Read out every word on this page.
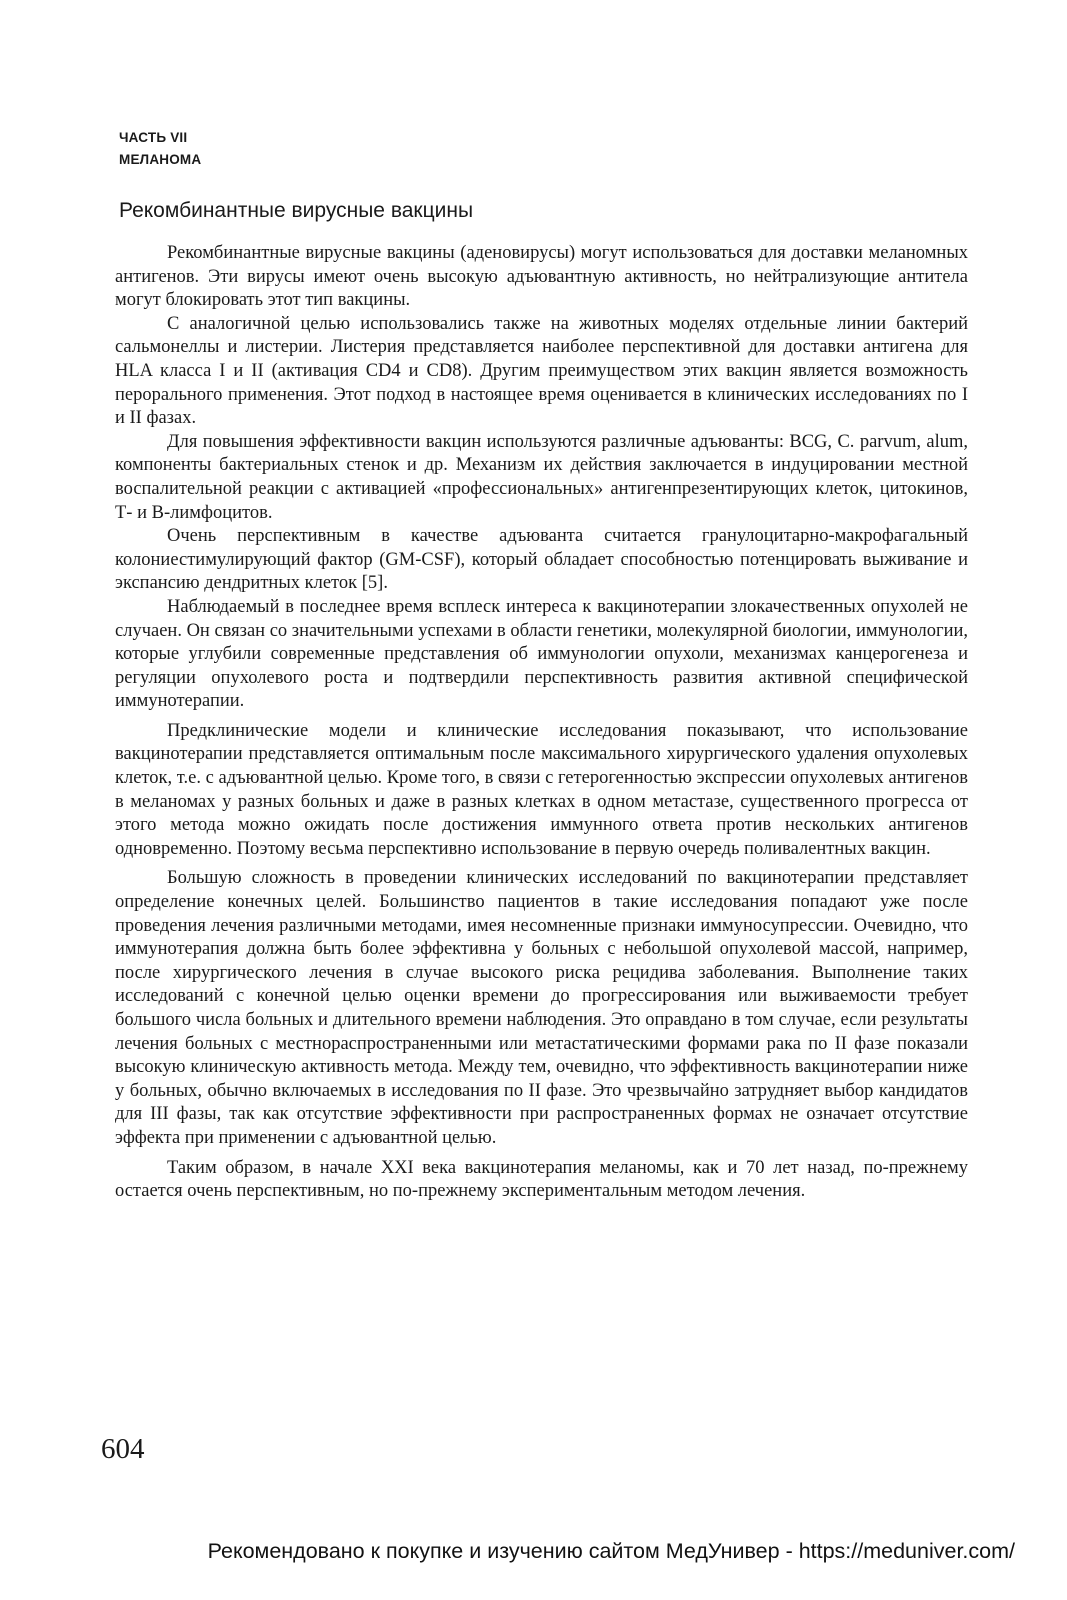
ЧАСТЬ VII
МЕЛАНОМА
Рекомбинантные вирусные вакцины

Рекомбинантные вирусные вакцины (аденовирусы) могут использоваться для доставки меланомных антигенов. Эти вирусы имеют очень высокую адъювантную активность, но нейтрализующие антитела могут блокировать этот тип вакцины.

С аналогичной целью использовались также на животных моделях отдельные линии бактерий сальмонеллы и листерии. Листерия представляется наиболее перспективной для доставки антигена для HLA класса I и II (активация CD4 и CD8). Другим преимуществом этих вакцин является возможность перорального применения. Этот подход в настоящее время оценивается в клинических исследованиях по I и II фазах.

Для повышения эффективности вакцин используются различные адъюванты: BCG, C. parvum, alum, компоненты бактериальных стенок и др. Механизм их действия заключается в индуцировании местной воспалительной реакции с активацией «профессиональных» антигенпрезентирующих клеток, цитокинов, Т- и В-лимфоцитов.

Очень перспективным в качестве адъюванта считается гранулоцитарно-макрофагальный колониестимулирующий фактор (GM-CSF), который обладает способностью потенцировать выживание и экспансию дендритных клеток [5].

Наблюдаемый в последнее время всплеск интереса к вакцинотерапии злокачественных опухолей не случаен. Он связан со значительными успехами в области генетики, молекулярной биологии, иммунологии, которые углубили современные представления об иммунологии опухоли, механизмах канцерогенеза и регуляции опухолевого роста и подтвердили перспективность развития активной специфической иммунотерапии.

Предклинические модели и клинические исследования показывают, что использование вакцинотерапии представляется оптимальным после максимального хирургического удаления опухолевых клеток, т.е. с адъювантной целью. Кроме того, в связи с гетерогенностью экспрессии опухолевых антигенов в меланомах у разных больных и даже в разных клетках в одном метастазе, существенного прогресса от этого метода можно ожидать после достижения иммунного ответа против нескольких антигенов одновременно. Поэтому весьма перспективно использование в первую очередь поливалентных вакцин.

Большую сложность в проведении клинических исследований по вакцинотерапии представляет определение конечных целей. Большинство пациентов в такие исследования попадают уже после проведения лечения различными методами, имея несомненные признаки иммуносупрессии. Очевидно, что иммунотерапия должна быть более эффективна у больных с небольшой опухолевой массой, например, после хирургического лечения в случае высокого риска рецидива заболевания. Выполнение таких исследований с конечной целью оценки времени до прогрессирования или выживаемости требует большого числа больных и длительного времени наблюдения. Это оправдано в том случае, если результаты лечения больных с местнораспространенными или метастатическими формами рака по II фазе показали высокую клиническую активность метода. Между тем, очевидно, что эффективность вакцинотерапии ниже у больных, обычно включаемых в исследования по II фазе. Это чрезвычайно затрудняет выбор кандидатов для III фазы, так как отсутствие эффективности при распространенных формах не означает отсутствие эффекта при применении с адъювантной целью.

Таким образом, в начале XXI века вакцинотерапия меланомы, как и 70 лет назад, по-прежнему остается очень перспективным, но по-прежнему экспериментальным методом лечения.

604
Рекомендовано к покупке и изучению сайтом МедУнивер - https://meduniver.com/
